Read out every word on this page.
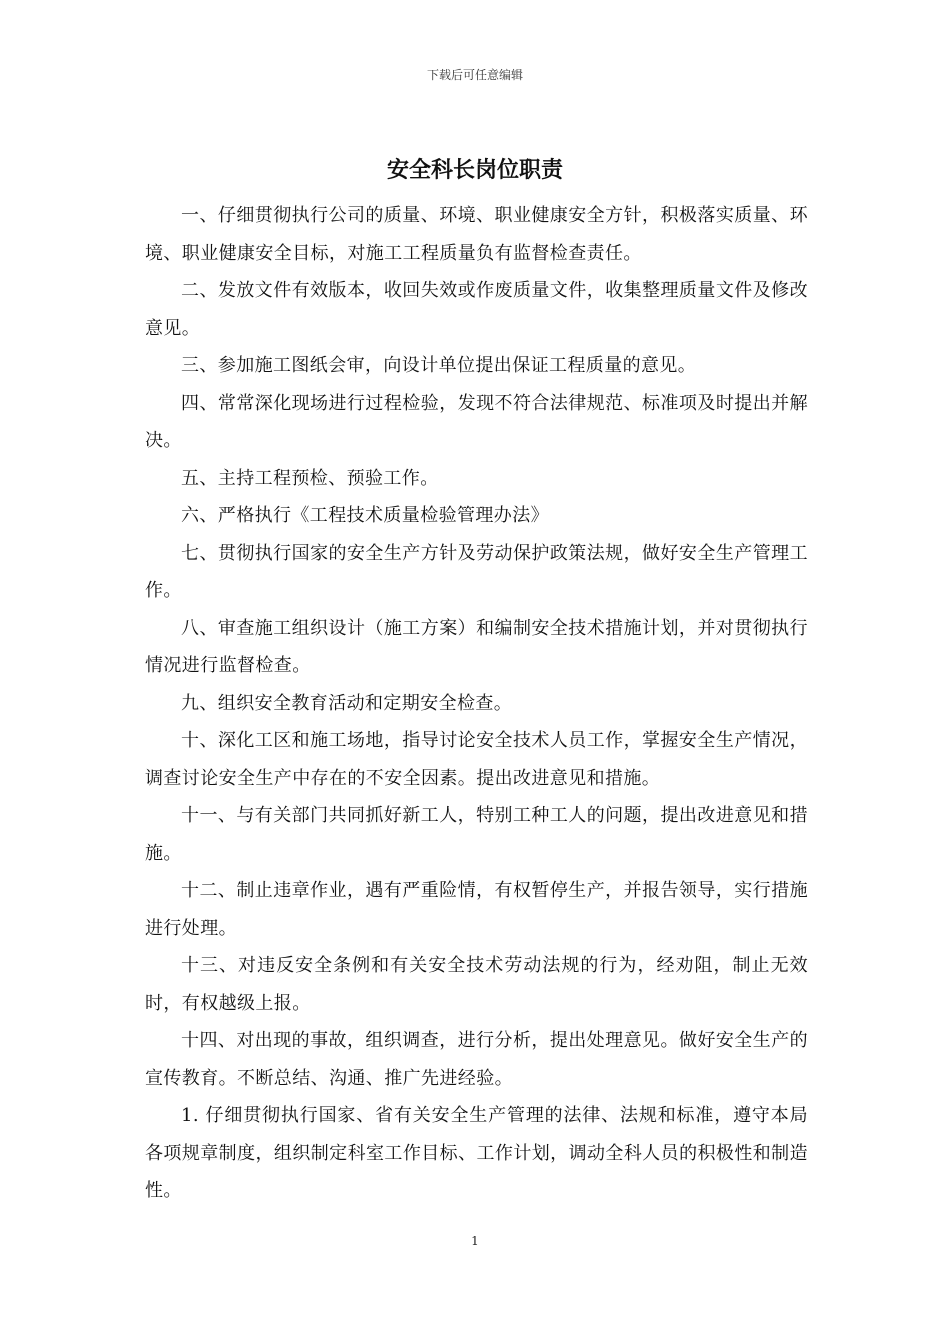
下载后可任意编辑
安全科长岗位职责

一、仔细贯彻执行公司的质量、环境、职业健康安全方针，积极落实质量、环境、职业健康安全目标，对施工工程质量负有监督检查责任。

二、发放文件有效版本，收回失效或作废质量文件，收集整理质量文件及修改意见。

三、参加施工图纸会审，向设计单位提出保证工程质量的意见。

四、常常深化现场进行过程检验，发现不符合法律规范、标准项及时提出并解决。

五、主持工程预检、预验工作。

六、严格执行《工程技术质量检验管理办法》

七、贯彻执行国家的安全生产方针及劳动保护政策法规，做好安全生产管理工作。

八、审查施工组织设计（施工方案）和编制安全技术措施计划，并对贯彻执行情况进行监督检查。

九、组织安全教育活动和定期安全检查。

十、深化工区和施工场地，指导讨论安全技术人员工作，掌握安全生产情况，调查讨论安全生产中存在的不安全因素。提出改进意见和措施。

十一、与有关部门共同抓好新工人，特别工种工人的问题，提出改进意见和措施。

十二、制止违章作业，遇有严重险情，有权暂停生产，并报告领导，实行措施进行处理。

十三、对违反安全条例和有关安全技术劳动法规的行为，经劝阻，制止无效时，有权越级上报。

十四、对出现的事故，组织调查，进行分析，提出处理意见。做好安全生产的宣传教育。不断总结、沟通、推广先进经验。

1. 仔细贯彻执行国家、省有关安全生产管理的法律、法规和标准，遵守本局各项规章制度，组织制定科室工作目标、工作计划，调动全科人员的积极性和制造性。

1
